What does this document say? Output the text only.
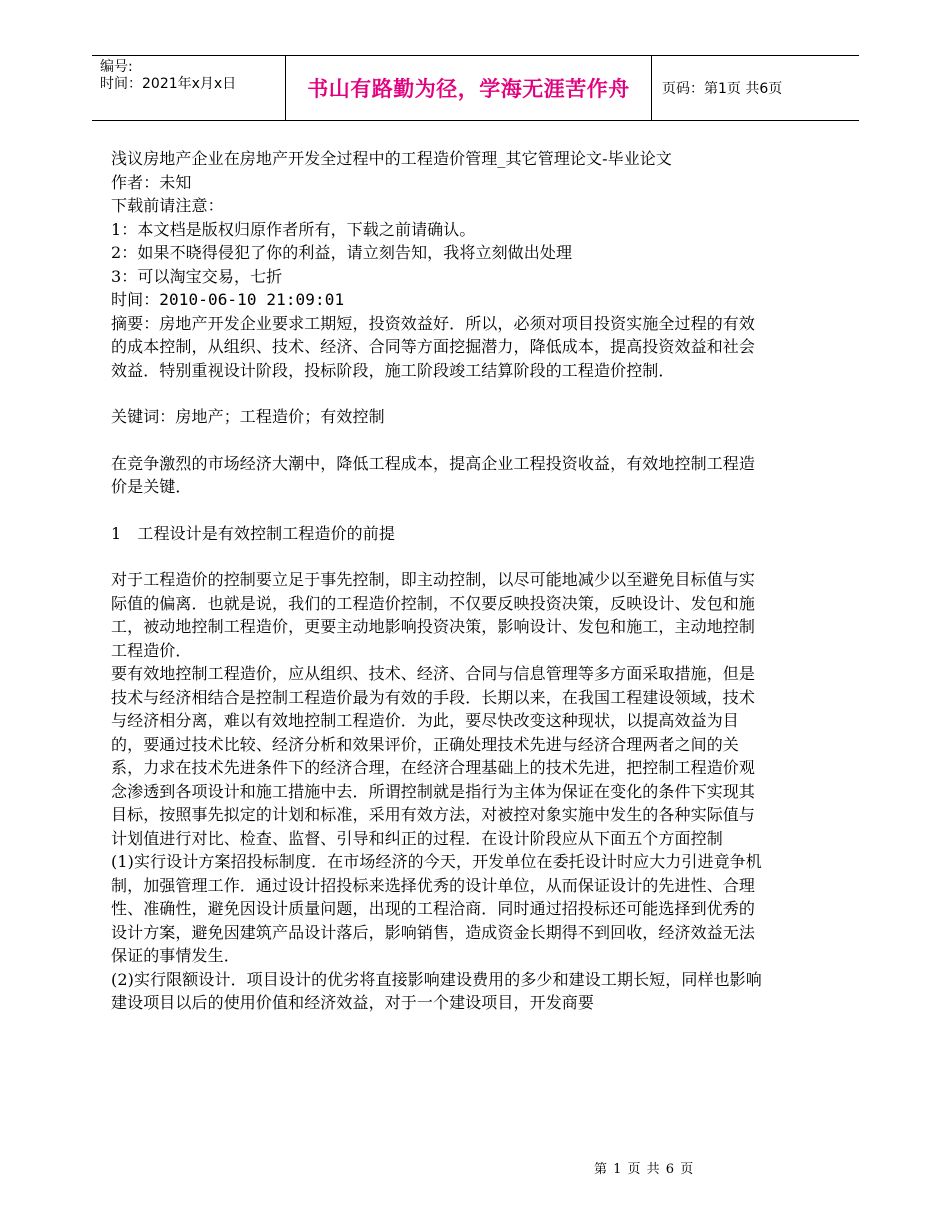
编号:
时间：2021年x月x日	书山有路勤为径，学海无涯苦作舟	页码：第1页 共6页

浅议房地产企业在房地产开发全过程中的工程造价管理_其它管理论文-毕业论文

作者：未知

下载前请注意：

1：本文档是版权归原作者所有，下载之前请确认。

2：如果不晓得侵犯了你的利益，请立刻告知，我将立刻做出处理

3：可以淘宝交易，七折

时间：2010-06-10 21:09:01

摘要：房地产开发企业要求工期短，投资效益好．所以，必须对项目投资实施全过程的有效的成本控制，从组织、技术、经济、合同等方面挖掘潜力，降低成本，提高投资效益和社会效益．特别重视设计阶段，投标阶段，施工阶段竣工结算阶段的工程造价控制．

关键词：房地产；工程造价；有效控制

在竞争激烈的市场经济大潮中，降低工程成本，提高企业工程投资收益，有效地控制工程造价是关键．

1　工程设计是有效控制工程造价的前提

对于工程造价的控制要立足于事先控制，即主动控制，以尽可能地减少以至避免目标值与实际值的偏离．也就是说，我们的工程造价控制，不仅要反映投资决策，反映设计、发包和施工，被动地控制工程造价，更要主动地影响投资决策，影响设计、发包和施工，主动地控制工程造价．

要有效地控制工程造价，应从组织、技术、经济、合同与信息管理等多方面采取措施，但是技术与经济相结合是控制工程造价最为有效的手段．长期以来，在我国工程建设领域，技术与经济相分离，难以有效地控制工程造价．为此，要尽快改变这种现状，以提高效益为目的，要通过技术比较、经济分析和效果评价，正确处理技术先进与经济合理两者之间的关系，力求在技术先进条件下的经济合理，在经济合理基础上的技术先进，把控制工程造价观念渗透到各项设计和施工措施中去．所谓控制就是指行为主体为保证在变化的条件下实现其目标，按照事先拟定的计划和标准，采用有效方法，对被控对象实施中发生的各种实际值与计划值进行对比、检查、监督、引导和纠正的过程．在设计阶段应从下面五个方面控制

(1)实行设计方案招投标制度．在市场经济的今天，开发单位在委托设计时应大力引进竟争机制，加强管理工作．通过设计招投标来选择优秀的设计单位，从而保证设计的先进性、合理性、准确性，避免因设计质量问题，出现的工程洽商．同时通过招投标还可能选择到优秀的设计方案，避免因建筑产品设计落后，影响销售，造成资金长期得不到回收，经济效益无法保证的事情发生．

(2)实行限额设计．项目设计的优劣将直接影响建设费用的多少和建设工期长短，同样也影响建设项目以后的使用价值和经济效益，对于一个建设项目，开发商要

第 1 页 共 6 页
